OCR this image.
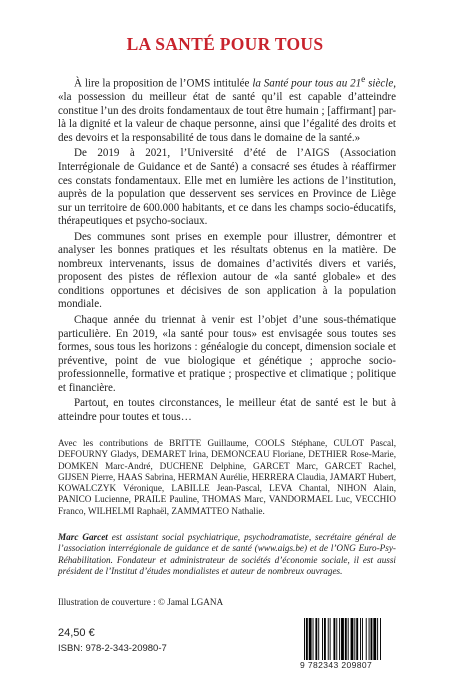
LA SANTÉ POUR TOUS

À lire la proposition de l’OMS intitulée la Santé pour tous au 21e siècle, «la possession du meilleur état de santé qu’il est capable d’atteindre constitue l’un des droits fondamentaux de tout être humain ; [affirmant] par-là la dignité et la valeur de chaque personne, ainsi que l’égalité des droits et des devoirs et la responsabilité de tous dans le domaine de la santé.»

De 2019 à 2021, l’Université d’été de l’AIGS (Association Interrégionale de Guidance et de Santé) a consacré ses études à réaffirmer ces constats fondamentaux. Elle met en lumière les actions de l’institution, auprès de la population que desservent ses services en Province de Liège sur un territoire de 600.000 habitants, et ce dans les champs socio-éducatifs, thérapeutiques et psycho-sociaux.

Des communes sont prises en exemple pour illustrer, démontrer et analyser les bonnes pratiques et les résultats obtenus en la matière. De nombreux intervenants, issus de domaines d’activités divers et variés, proposent des pistes de réflexion autour de «la santé globale» et des conditions opportunes et décisives de son application à la population mondiale.

Chaque année du triennat à venir est l’objet d’une sous-thématique particulière. En 2019, «la santé pour tous» est envisagée sous toutes ses formes, sous tous les horizons : généalogie du concept, dimension sociale et préventive, point de vue biologique et génétique ; approche socio-professionnelle, formative et pratique ; prospective et climatique ; politique et financière.

Partout, en toutes circonstances, le meilleur état de santé est le but à atteindre pour toutes et tous…

Avec les contributions de BRITTE Guillaume, COOLS Stéphane, CULOT Pascal, DEFOURNY Gladys, DEMARET Irina, DEMONCEAU Floriane, DETHIER Rose-Marie, DOMKEN Marc-André, DUCHENE Delphine, GARCET Marc, GARCET Rachel, GIJSEN Pierre, HAAS Sabrina, HERMAN Aurélie, HERRERA Claudia, JAMART Hubert, KOWALCZYK Véronique, LABILLE Jean-Pascal, LEVA Chantal, NIHON Alain, PANICO Lucienne, PRAILE Pauline, THOMAS Marc, VANDORMAEL Luc, VECCHIO Franco, WILHELMI Raphaël, ZAMMATTEO Nathalie.

Marc Garcet est assistant social psychiatrique, psychodramatiste, secrétaire général de l’association interrégionale de guidance et de santé (www.aigs.be) et de l’ONG Euro-Psy-Réhabilitation. Fondateur et administrateur de sociétés d’économie sociale, il est aussi président de l’Institut d’études mondialistes et auteur de nombreux ouvrages.

Illustration de couverture : © Jamal LGANA
24,50 €
ISBN: 978-2-343-20980-7
9 782343 209807
